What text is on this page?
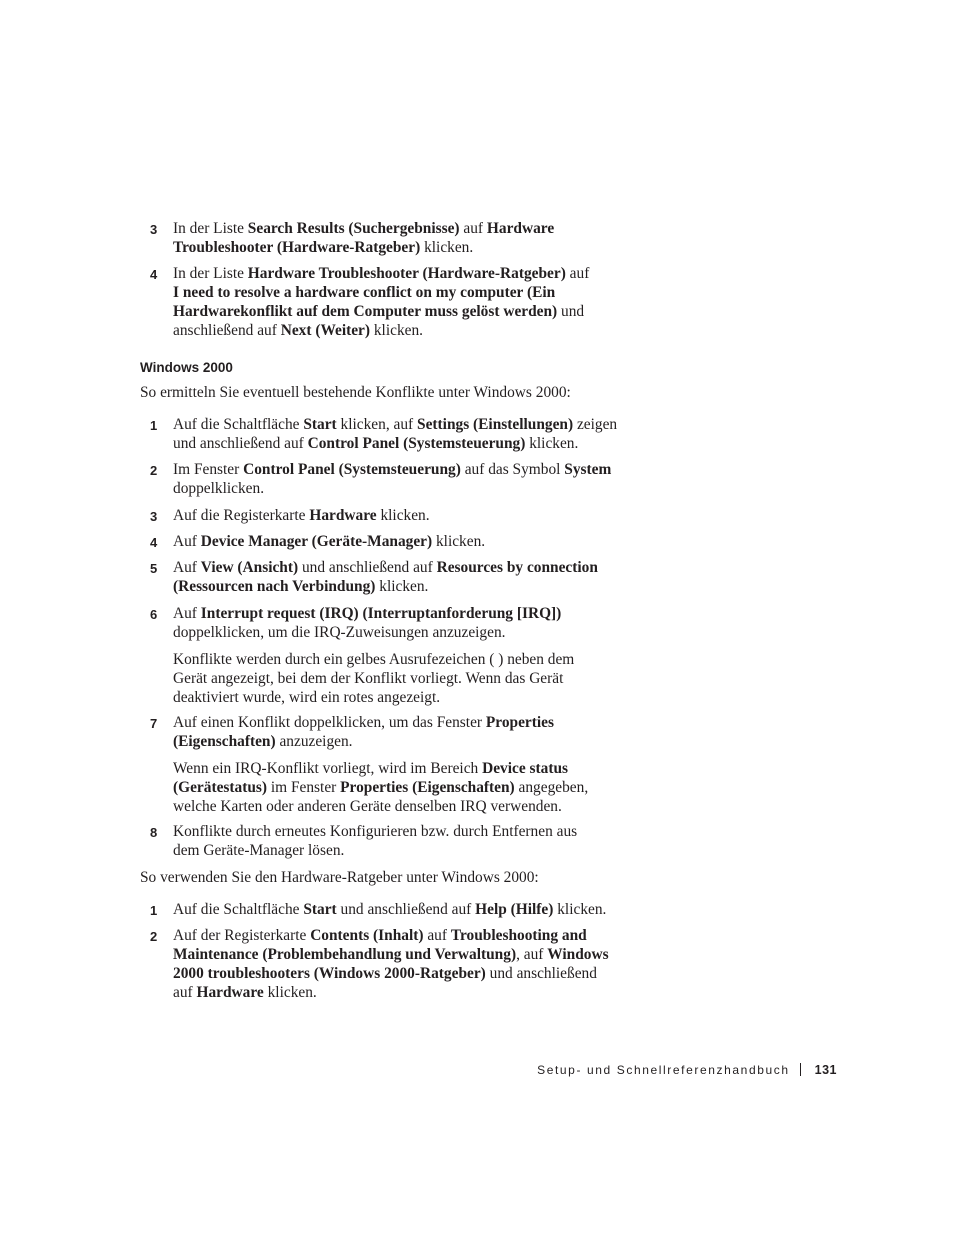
3 In der Liste Search Results (Suchergebnisse) auf Hardware Troubleshooter (Hardware-Ratgeber) klicken.
4 In der Liste Hardware Troubleshooter (Hardware-Ratgeber) auf I need to resolve a hardware conflict on my computer (Ein Hardwarekonflikt auf dem Computer muss gelöst werden) und anschließend auf Next (Weiter) klicken.
Windows 2000
So ermitteln Sie eventuell bestehende Konflikte unter Windows 2000:
1 Auf die Schaltfläche Start klicken, auf Settings (Einstellungen) zeigen und anschließend auf Control Panel (Systemsteuerung) klicken.
2 Im Fenster Control Panel (Systemsteuerung) auf das Symbol System doppelklicken.
3 Auf die Registerkarte Hardware klicken.
4 Auf Device Manager (Geräte-Manager) klicken.
5 Auf View (Ansicht) und anschließend auf Resources by connection (Ressourcen nach Verbindung) klicken.
6 Auf Interrupt request (IRQ) (Interruptanforderung [IRQ]) doppelklicken, um die IRQ-Zuweisungen anzuzeigen.
Konflikte werden durch ein gelbes Ausrufezeichen ( ) neben dem Gerät angezeigt, bei dem der Konflikt vorliegt. Wenn das Gerät deaktiviert wurde, wird ein rotes angezeigt.
7 Auf einen Konflikt doppelklicken, um das Fenster Properties (Eigenschaften) anzuzeigen.
Wenn ein IRQ-Konflikt vorliegt, wird im Bereich Device status (Gerätestatus) im Fenster Properties (Eigenschaften) angegeben, welche Karten oder anderen Geräte denselben IRQ verwenden.
8 Konflikte durch erneutes Konfigurieren bzw. durch Entfernen aus dem Geräte-Manager lösen.
So verwenden Sie den Hardware-Ratgeber unter Windows 2000:
1 Auf die Schaltfläche Start und anschließend auf Help (Hilfe) klicken.
2 Auf der Registerkarte Contents (Inhalt) auf Troubleshooting and Maintenance (Problembehandlung und Verwaltung), auf Windows 2000 troubleshooters (Windows 2000-Ratgeber) und anschließend auf Hardware klicken.
Setup- und Schnellreferenzhandbuch 131
